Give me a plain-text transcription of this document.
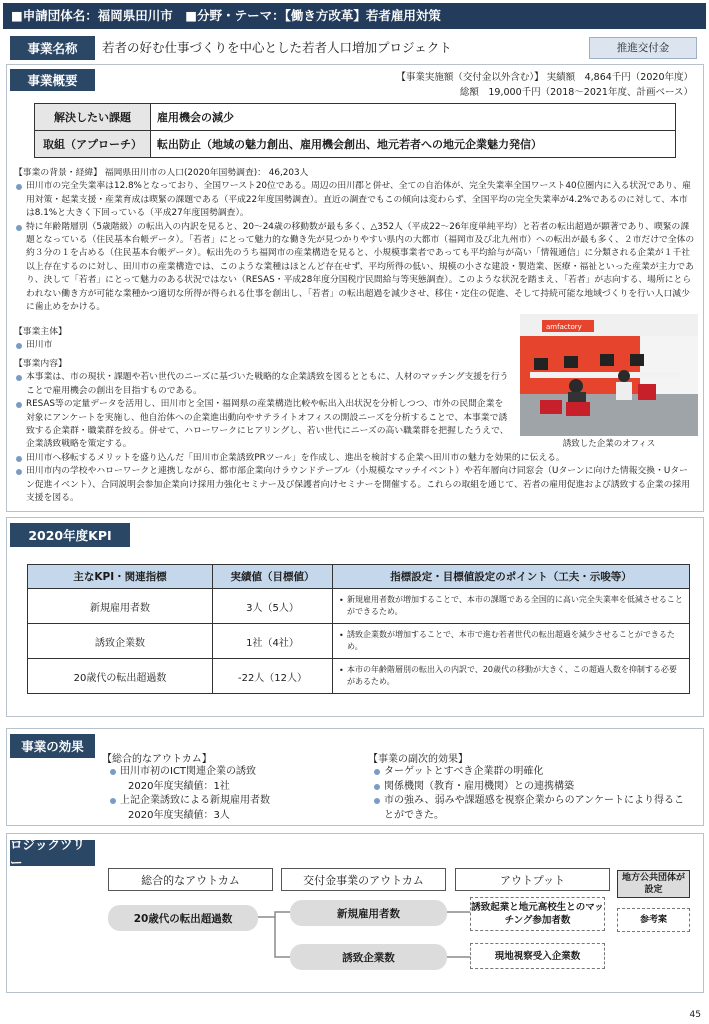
■申請団体名：福岡県田川市　■分野・テーマ：【働き方改革】若者雇用対策
事業名称	若者の好む仕事づくりを中心とした若者人口増加プロジェクト	推進交付金
事業概要	【事業実施額（交付金以外含む）】 実績額　4,864千円（2020年度）
総額　19,000千円（2018～2021年度、計画ベース）
解決したい課題	雇用機会の減少
取組（アプローチ）	転出防止（地域の魅力創出、雇用機会創出、地元若者への地元企業魅力発信）

【事業の背景・経緯】 福岡県田川市の人口(2020年国勢調査)： 46,203人

田川市の完全失業率は12.8%となっており、全国ワースト20位である。周辺の田川郡と併せ、全ての自治体が、完全失業率全国ワースト40位圏内に入る状況であり、雇用対策・起業支援・産業育成は喫緊の課題である（平成22年度国勢調査）。直近の調査でもこの傾向は変わらず、全国平均の完全失業率が4.2%であるのに対して、本市は8.1%と大きく下回っている（平成27年度国勢調査）。

特に年齢階層別（5歳階級）の転出入の内訳を見ると、20～24歳の移動数が最も多く、△352人（平成22～26年度単純平均）と若者の転出超過が顕著であり、喫緊の課題となっている（住民基本台帳データ）。「若者」にとって魅力的な働き先が見つかりやすい県内の大都市（福岡市及び北九州市）への転出が最も多く、２市だけで全体の約３分の１を占める（住民基本台帳データ）。転出先のうち福岡市の産業構造を見ると、小規模事業者であっても平均給与が高い「情報通信」に分類される企業が１千社以上存在するのに対し、田川市の産業構造では、このような業種はほとんど存在せず、平均所得の低い、規模の小さな建設・製造業、医療・福祉といった産業が主力であり、決して「若者」にとって魅力のある状況ではない（RESAS・平成28年度分国税庁民間給与等実態調査）。このような状況を踏まえ、「若者」が志向する、場所にとらわれない働き方が可能な業種かつ適切な所得が得られる仕事を創出し、「若者」の転出超過を減少させ、移住・定住の促進、そして持続可能な地域づくりを行い人口減少に歯止めをかける。

【事業主体】

田川市

amfactory
誘致した企業のオフィス

【事業内容】

本事業は、市の現状・課題や若い世代のニーズに基づいた戦略的な企業誘致を図るとともに、人材のマッチング支援を行うことで雇用機会の創出を目指すものである。

RESAS等の定量データを活用し、田川市と全国・福岡県の産業構造比較や転出入出状況を分析しつつ、市外の民間企業を対象にアンケートを実施し、他自治体への企業進出動向やサテライトオフィスの開設ニーズを分析することで、本事業で誘致する企業群・職業群を絞る。併せて、ハローワークにヒアリングし、若い世代にニーズの高い職業群を把握したうえで、企業誘致戦略を策定する。

田川市へ移転するメリットを盛り込んだ「田川市企業誘致PRツール」を作成し、進出を検討する企業へ田川市の魅力を効果的に伝える。

田川市内の学校やハローワークと連携しながら、都市部企業向けラウンドテーブル（小規模なマッチイベント）や若年層向け同窓会（Uターンに向けた情報交換・Uターン促進イベント）、合同説明会参加企業向け採用力強化セミナー及び保護者向けセミナーを開催する。これらの取組を通じて、若者の雇用促進および誘致する企業の採用支援を図る。

2020年度KPI
主なKPI・関連指標	実績値（目標値）	指標設定・目標値設定のポイント（工夫・示唆等）
新規雇用者数	3人（5人）	• 新規雇用者数が増加することで、本市の課題である全国的に高い完全失業率を低減させることができるため。
誘致企業数	1社（4社）	• 誘致企業数が増加することで、本市で進む若者世代の転出超過を減少させることができるため。
20歳代の転出超過数	-22人（12人）	• 本市の年齢階層別の転出入の内訳で、20歳代の移動が大きく、この超過人数を抑制する必要があるため。
事業の効果
【総合的なアウトカム】

田川市初のICT関連企業の誘致

2020年度実績値：1社

上記企業誘致による新規雇用者数

2020年度実績値：3人

【事業の副次的効果】

ターゲットとすべき企業群の明確化

関係機関（教育・雇用機関）との連携構築

市の強み、弱みや課題感を視察企業からのアンケートにより得ることができた。

ロジックツリー
総合的なアウトカム	交付金事業のアウトカム	アウトプット	地方公共団体が設定
参考案
20歳代の転出超過数	新規雇用者数
誘致企業数
誘致起業と地元高校生とのマッチング参加者数
現地視察受入企業数
45
